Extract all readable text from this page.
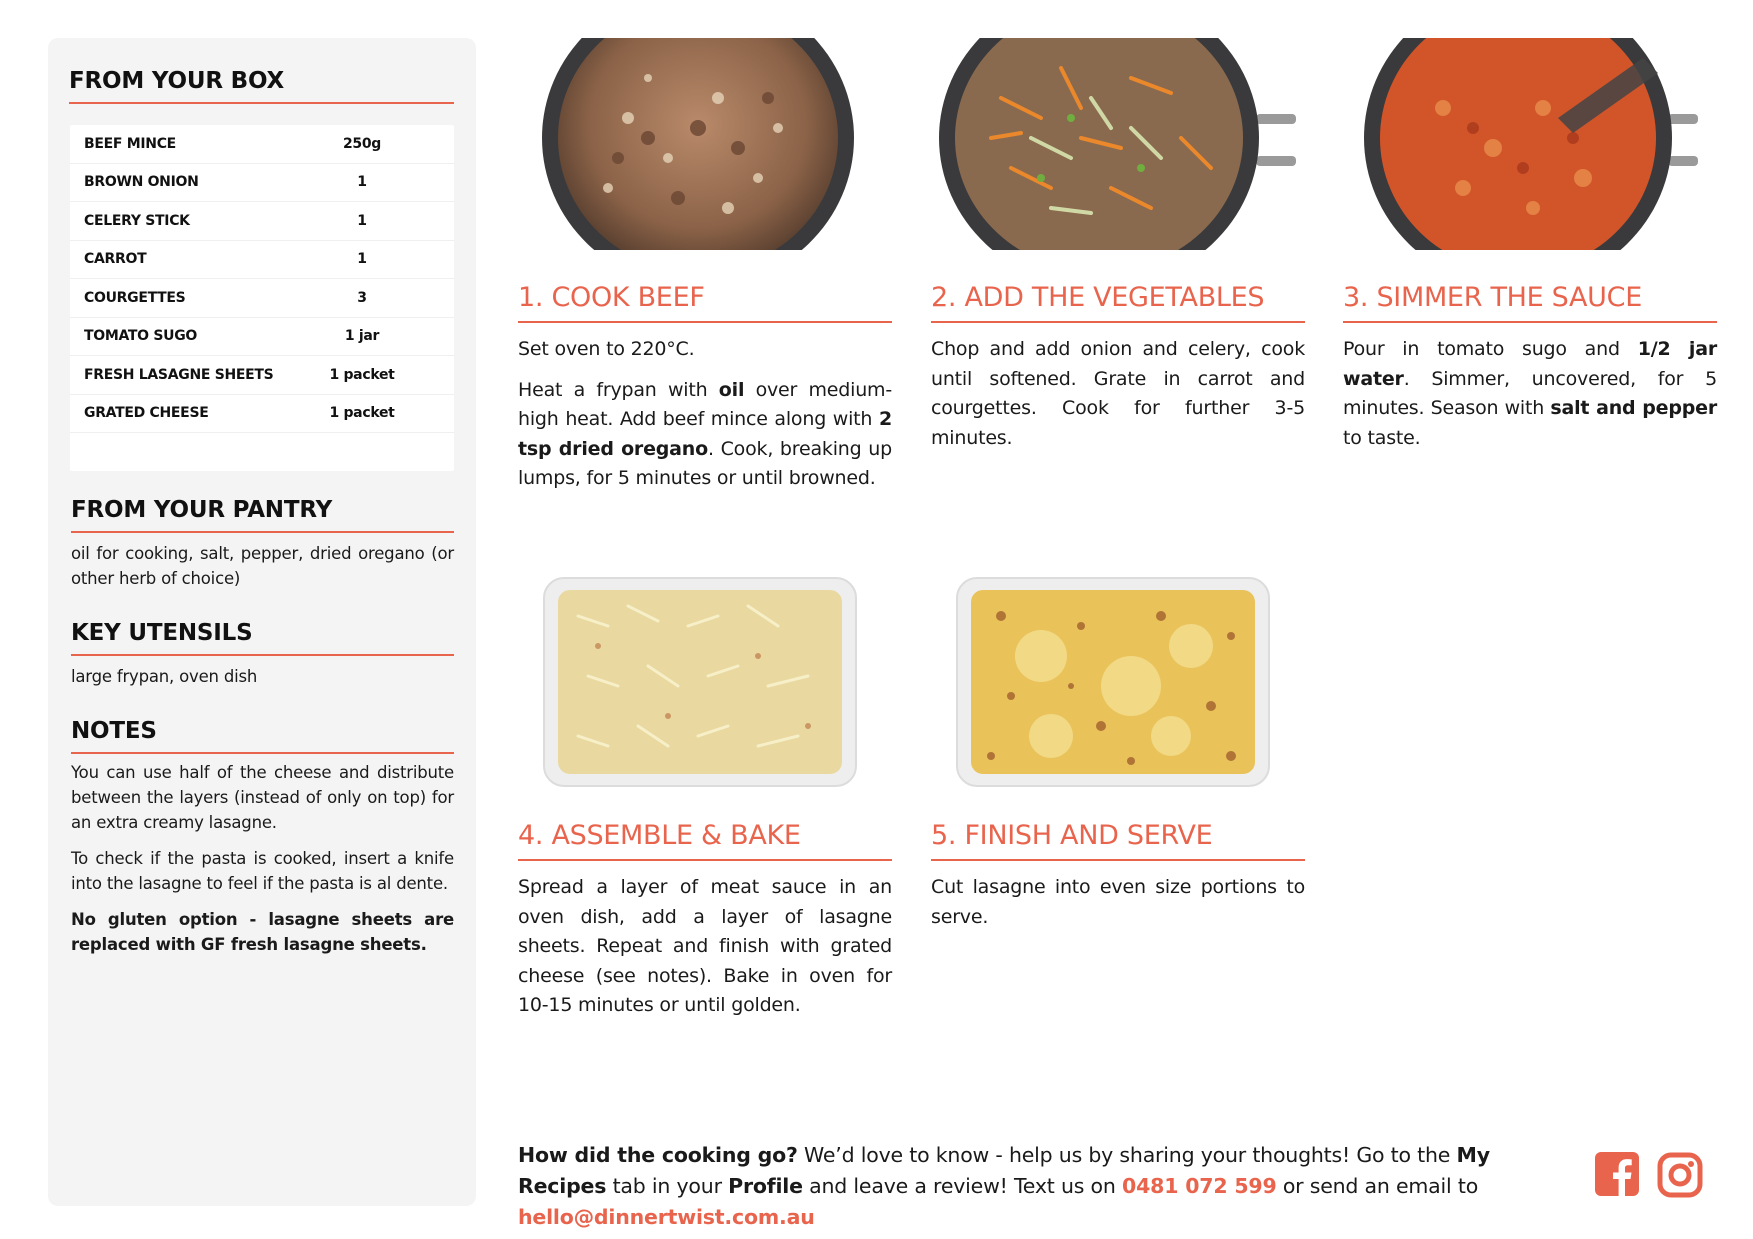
FROM YOUR BOX
BEEF MINCE	250g
BROWN ONION	1
CELERY STICK	1
CARROT	1
COURGETTES	3
TOMATO SUGO	1 jar
FRESH LASAGNE SHEETS	1 packet
GRATED CHEESE	1 packet
FROM YOUR PANTRY
oil for cooking, salt, pepper, dried oregano (or other herb of choice)
KEY UTENSILS
large frypan, oven dish
NOTES

You can use half of the cheese and distribute between the layers (instead of only on top) for an extra creamy lasagne.

To check if the pasta is cooked, insert a knife into the lasagne to feel if the pasta is al dente.

No gluten option - lasagne sheets are replaced with GF fresh lasagne sheets.

1. COOK BEEF

Set oven to 220°C.

Heat a frypan with oil over medium-high heat. Add beef mince along with 2 tsp dried oregano. Cook, breaking up lumps, for 5 minutes or until browned.

2. ADD THE VEGETABLES

Chop and add onion and celery, cook until softened. Grate in carrot and courgettes. Cook for further 3-5 minutes.

3. SIMMER THE SAUCE

Pour in tomato sugo and 1/2 jar water. Simmer, uncovered, for 5 minutes. Season with salt and pepper to taste.

4. ASSEMBLE & BAKE

Spread a layer of meat sauce in an oven dish, add a layer of lasagne sheets. Repeat and finish with grated cheese (see notes). Bake in oven for 10-15 minutes or until golden.

5. FINISH AND SERVE

Cut lasagne into even size portions to serve.

How did the cooking go? We’d love to know - help us by sharing your thoughts! Go to the My Recipes tab in your Profile and leave a review! Text us on 0481 072 599 or send an email to hello@dinnertwist.com.au
